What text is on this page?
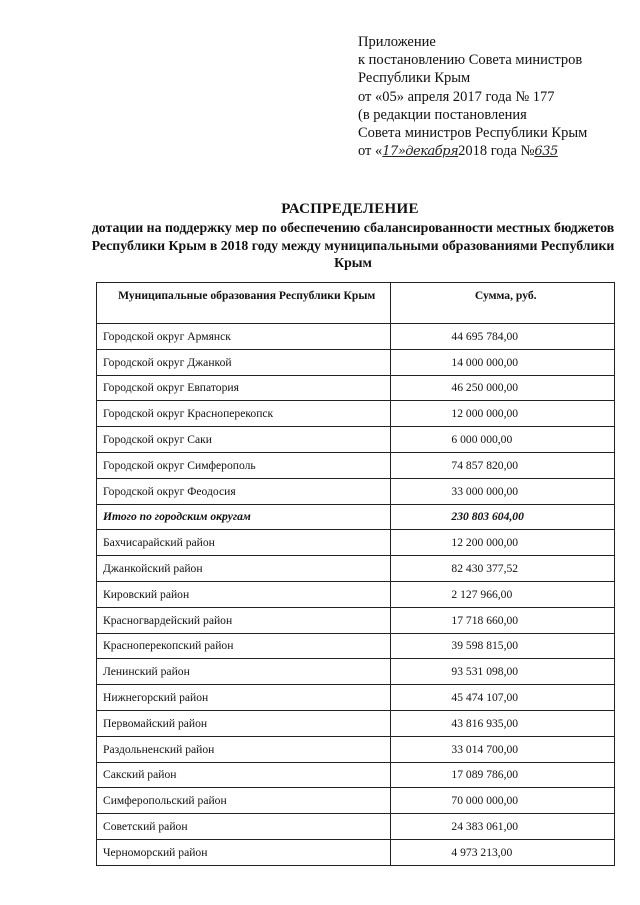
Приложение
к постановлению Совета министров
Республики Крым
от «05» апреля 2017 года № 177
(в редакции постановления
Совета министров Республики Крым
от «17»декабря2018 года №635
РАСПРЕДЕЛЕНИЕ
дотации на поддержку мер по обеспечению сбалансированности местных бюджетов Республики Крым в 2018 году между муниципальными образованиями Республики Крым
Муниципальные образования Республики Крым	Сумма, руб.
Городской округ Армянск	44 695 784,00
Городской округ Джанкой	14 000 000,00
Городской округ Евпатория	46 250 000,00
Городской округ Красноперекопск	12 000 000,00
Городской округ Саки	6 000 000,00
Городской округ Симферополь	74 857 820,00
Городской округ Феодосия	33 000 000,00
Итого по городским округам	230 803 604,00
Бахчисарайский район	12 200 000,00
Джанкойский район	82 430 377,52
Кировский район	2 127 966,00
Красногвардейский район	17 718 660,00
Красноперекопский район	39 598 815,00
Ленинский район	93 531 098,00
Нижнегорский район	45 474 107,00
Первомайский район	43 816 935,00
Раздольненский район	33 014 700,00
Сакский район	17 089 786,00
Симферопольский район	70 000 000,00
Советский район	24 383 061,00
Черноморский район	4 973 213,00
